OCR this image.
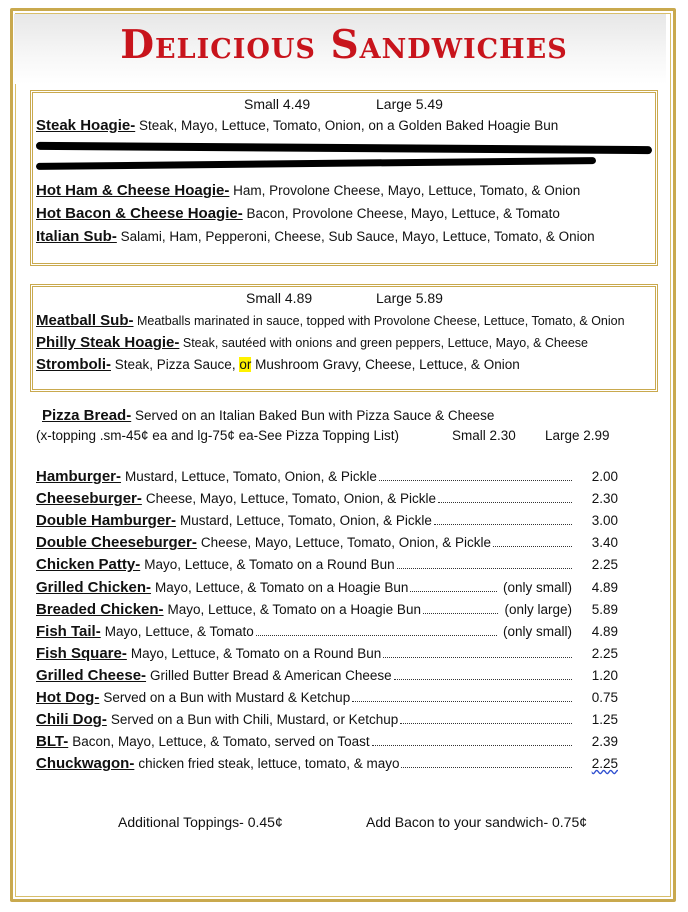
Delicious Sandwiches
Small 4.49	Large 5.49
Steak Hoagie- Steak, Mayo, Lettuce, Tomato, Onion, on a Golden Baked Hoagie Bun
Hot Ham & Cheese Hoagie- Ham, Provolone Cheese, Mayo, Lettuce, Tomato, & Onion
Hot Bacon & Cheese Hoagie- Bacon, Provolone Cheese, Mayo, Lettuce, & Tomato
Italian Sub- Salami, Ham, Pepperoni, Cheese, Sub Sauce, Mayo, Lettuce, Tomato, & Onion
Small 4.89	Large 5.89
Meatball Sub- Meatballs marinated in sauce, topped with Provolone Cheese, Lettuce, Tomato, & Onion
Philly Steak Hoagie- Steak, sautéed with onions and green peppers, Lettuce, Mayo, & Cheese
Stromboli- Steak, Pizza Sauce, or Mushroom Gravy, Cheese, Lettuce, & Onion
Pizza Bread- Served on an Italian Baked Bun with Pizza Sauce & Cheese
(x-topping .sm-45¢ ea and lg-75¢ ea-See Pizza Topping List)	Small 2.30 Large 2.99
Hamburger- Mustard, Lettuce, Tomato, Onion, & Pickle	2.00
Cheeseburger- Cheese, Mayo, Lettuce, Tomato, Onion, & Pickle	2.30
Double Hamburger- Mustard, Lettuce, Tomato, Onion, & Pickle	3.00
Double Cheeseburger- Cheese, Mayo, Lettuce, Tomato, Onion, & Pickle	3.40
Chicken Patty- Mayo, Lettuce, & Tomato on a Round Bun	2.25
Grilled Chicken- Mayo, Lettuce, & Tomato on a Hoagie Bun	(only small)	4.89
Breaded Chicken- Mayo, Lettuce, & Tomato on a Hoagie Bun	(only large)	5.89
Fish Tail- Mayo, Lettuce, & Tomato	(only small)	4.89
Fish Square- Mayo, Lettuce, & Tomato on a Round Bun	2.25
Grilled Cheese- Grilled Butter Bread & American Cheese	1.20
Hot Dog- Served on a Bun with Mustard & Ketchup	0.75
Chili Dog- Served on a Bun with Chili, Mustard, or Ketchup	1.25
BLT- Bacon, Mayo, Lettuce, & Tomato, served on Toast	2.39
Chuckwagon- chicken fried steak, lettuce, tomato, & mayo	2.25
Additional Toppings- 0.45¢	Add Bacon to your sandwich- 0.75¢
